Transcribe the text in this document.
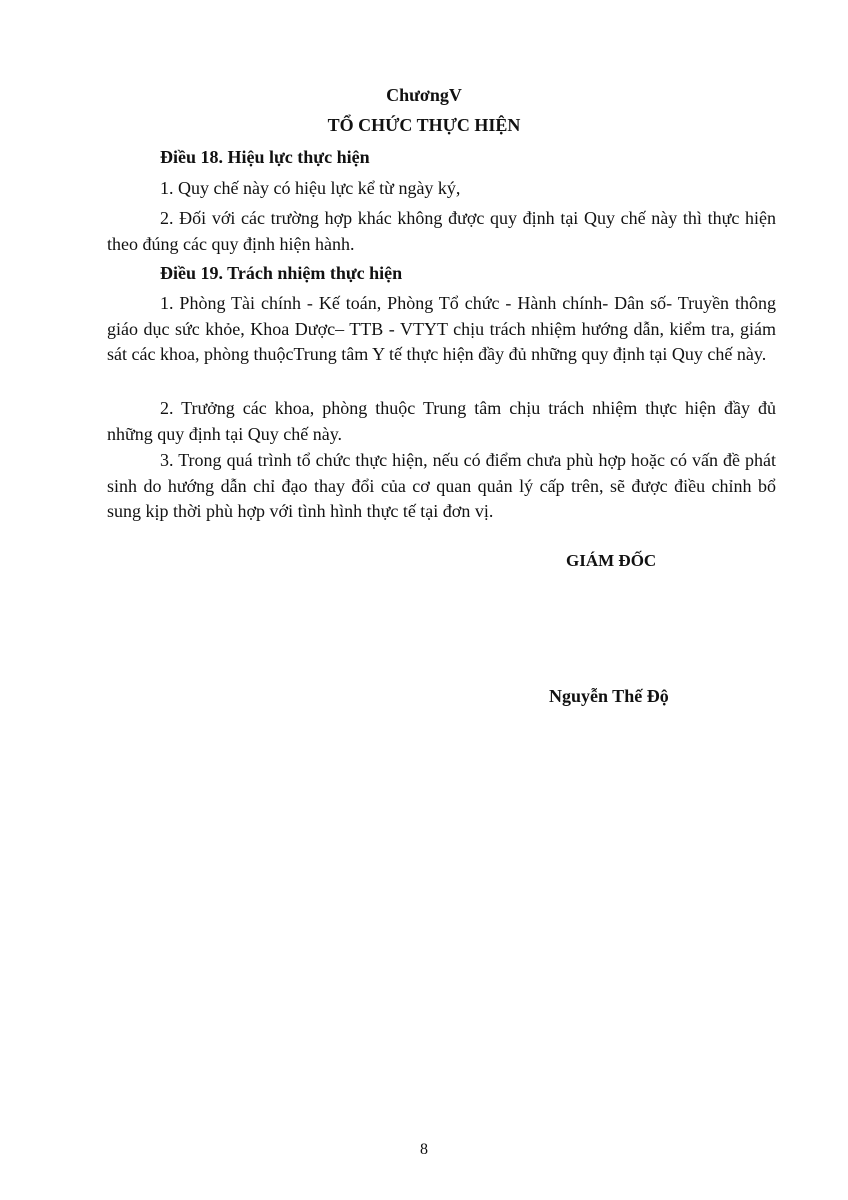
ChươngV
TỔ CHỨC THỰC HIỆN
Điều 18. Hiệu lực thực hiện
1. Quy chế này có hiệu lực kể từ ngày ký,
2. Đối với các trường hợp khác không được quy định tại Quy chế này thì thực hiện theo đúng các quy định hiện hành.
Điều 19. Trách nhiệm thực hiện
1. Phòng Tài chính - Kế toán, Phòng Tổ chức - Hành chính- Dân số- Truyền thông giáo dục sức khỏe, Khoa Dược– TTB - VTYT chịu trách nhiệm hướng dẫn, kiểm tra, giám sát các khoa, phòng thuộcTrung tâm Y tế thực hiện đầy đủ những quy định tại Quy chế này.
2. Trưởng các khoa, phòng thuộc Trung tâm chịu trách nhiệm thực hiện đầy đủ những quy định tại Quy chế này.
3. Trong quá trình tổ chức thực hiện, nếu có điểm chưa phù hợp hoặc có vấn đề phát sinh do hướng dẫn chỉ đạo thay đổi của cơ quan quản lý cấp trên, sẽ được điều chỉnh bổ sung kịp thời phù hợp với tình hình thực tế tại đơn vị.
GIÁM ĐỐC
Nguyễn Thế Độ
8
